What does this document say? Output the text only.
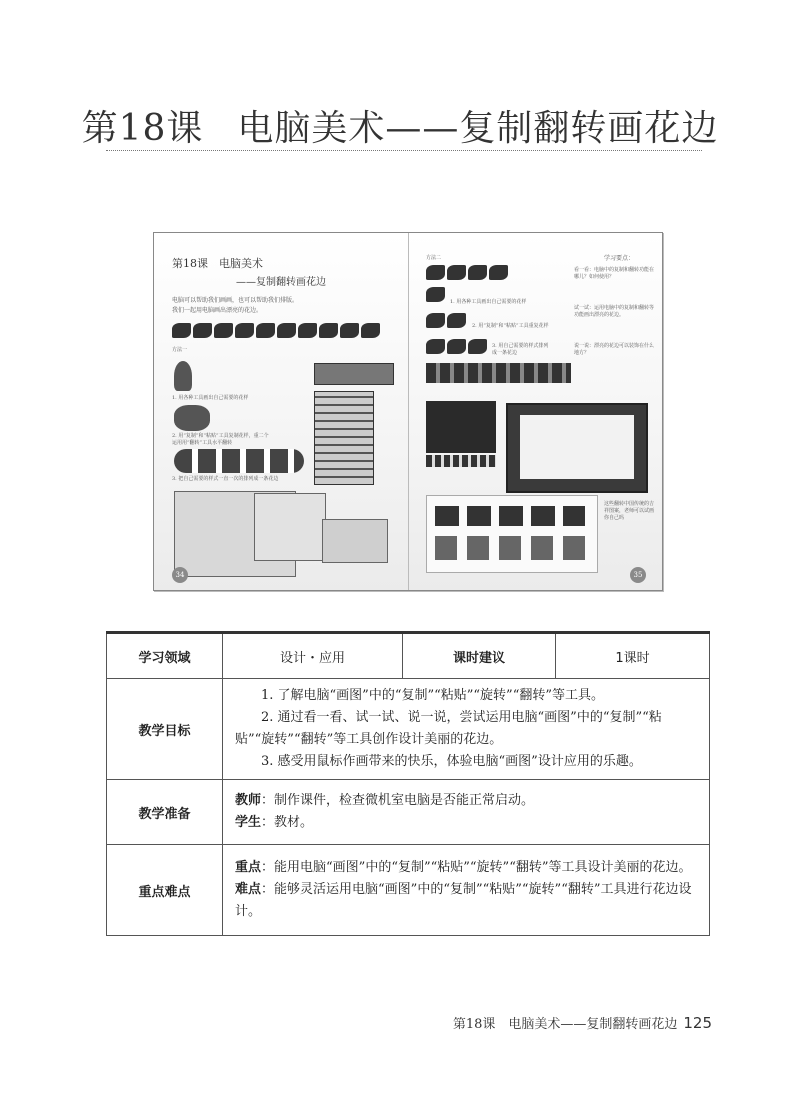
第18课 电脑美术——复制翻转画花边
第18课　电脑美术
——复制翻转画花边
电脑可以帮助我们画画，也可以帮助我们排版。
我们一起用电脑画出漂亮的花边。
方法一
1. 用各种工具画出自己需要的花样
2. 用“复制”和“粘贴”工具复制花样，重二个
运用用“翻转”工具水平翻转
3. 把自己需要的样式一直一次的排列成一条花边
34
方法二
1. 用各种工具画出自己需要的花样
2. 用“复制”和“粘贴”工具重复花样
3. 用自己需要的样式排列成一条花边
学习要点：
看一看：电脑中的复制和翻转功能在哪儿？如何使用？
试一试：运用电脑中的复制和翻转等功能画出漂亮的花边。
说一说：漂亮的花边可以装饰在什么地方？
这些翻转中国传统的吉祥图案，老师可以试画你自己吗
35
学习领域	设计・应用	课时建议	1课时
教学目标	1. 了解电脑“画图”中的“复制”“粘贴”“旋转”“翻转”等工具。

2. 通过看一看、试一试、说一说，尝试运用电脑“画图”中的“复制”“粘贴”“旋转”“翻转”等工具创作设计美丽的花边。

3. 感受用鼠标作画带来的快乐，体验电脑“画图”设计应用的乐趣。		

教学准备	教师：制作课件，检查微机室电脑是否能正常启动。

学生：教材。		

重点难点	重点：能用电脑“画图”中的“复制”“粘贴”“旋转”“翻转”等工具设计美丽的花边。

难点：能够灵活运用电脑“画图”中的“复制”“粘贴”“旋转”“翻转”工具进行花边设计。		

第18课　电脑美术——复制翻转画花边 125
